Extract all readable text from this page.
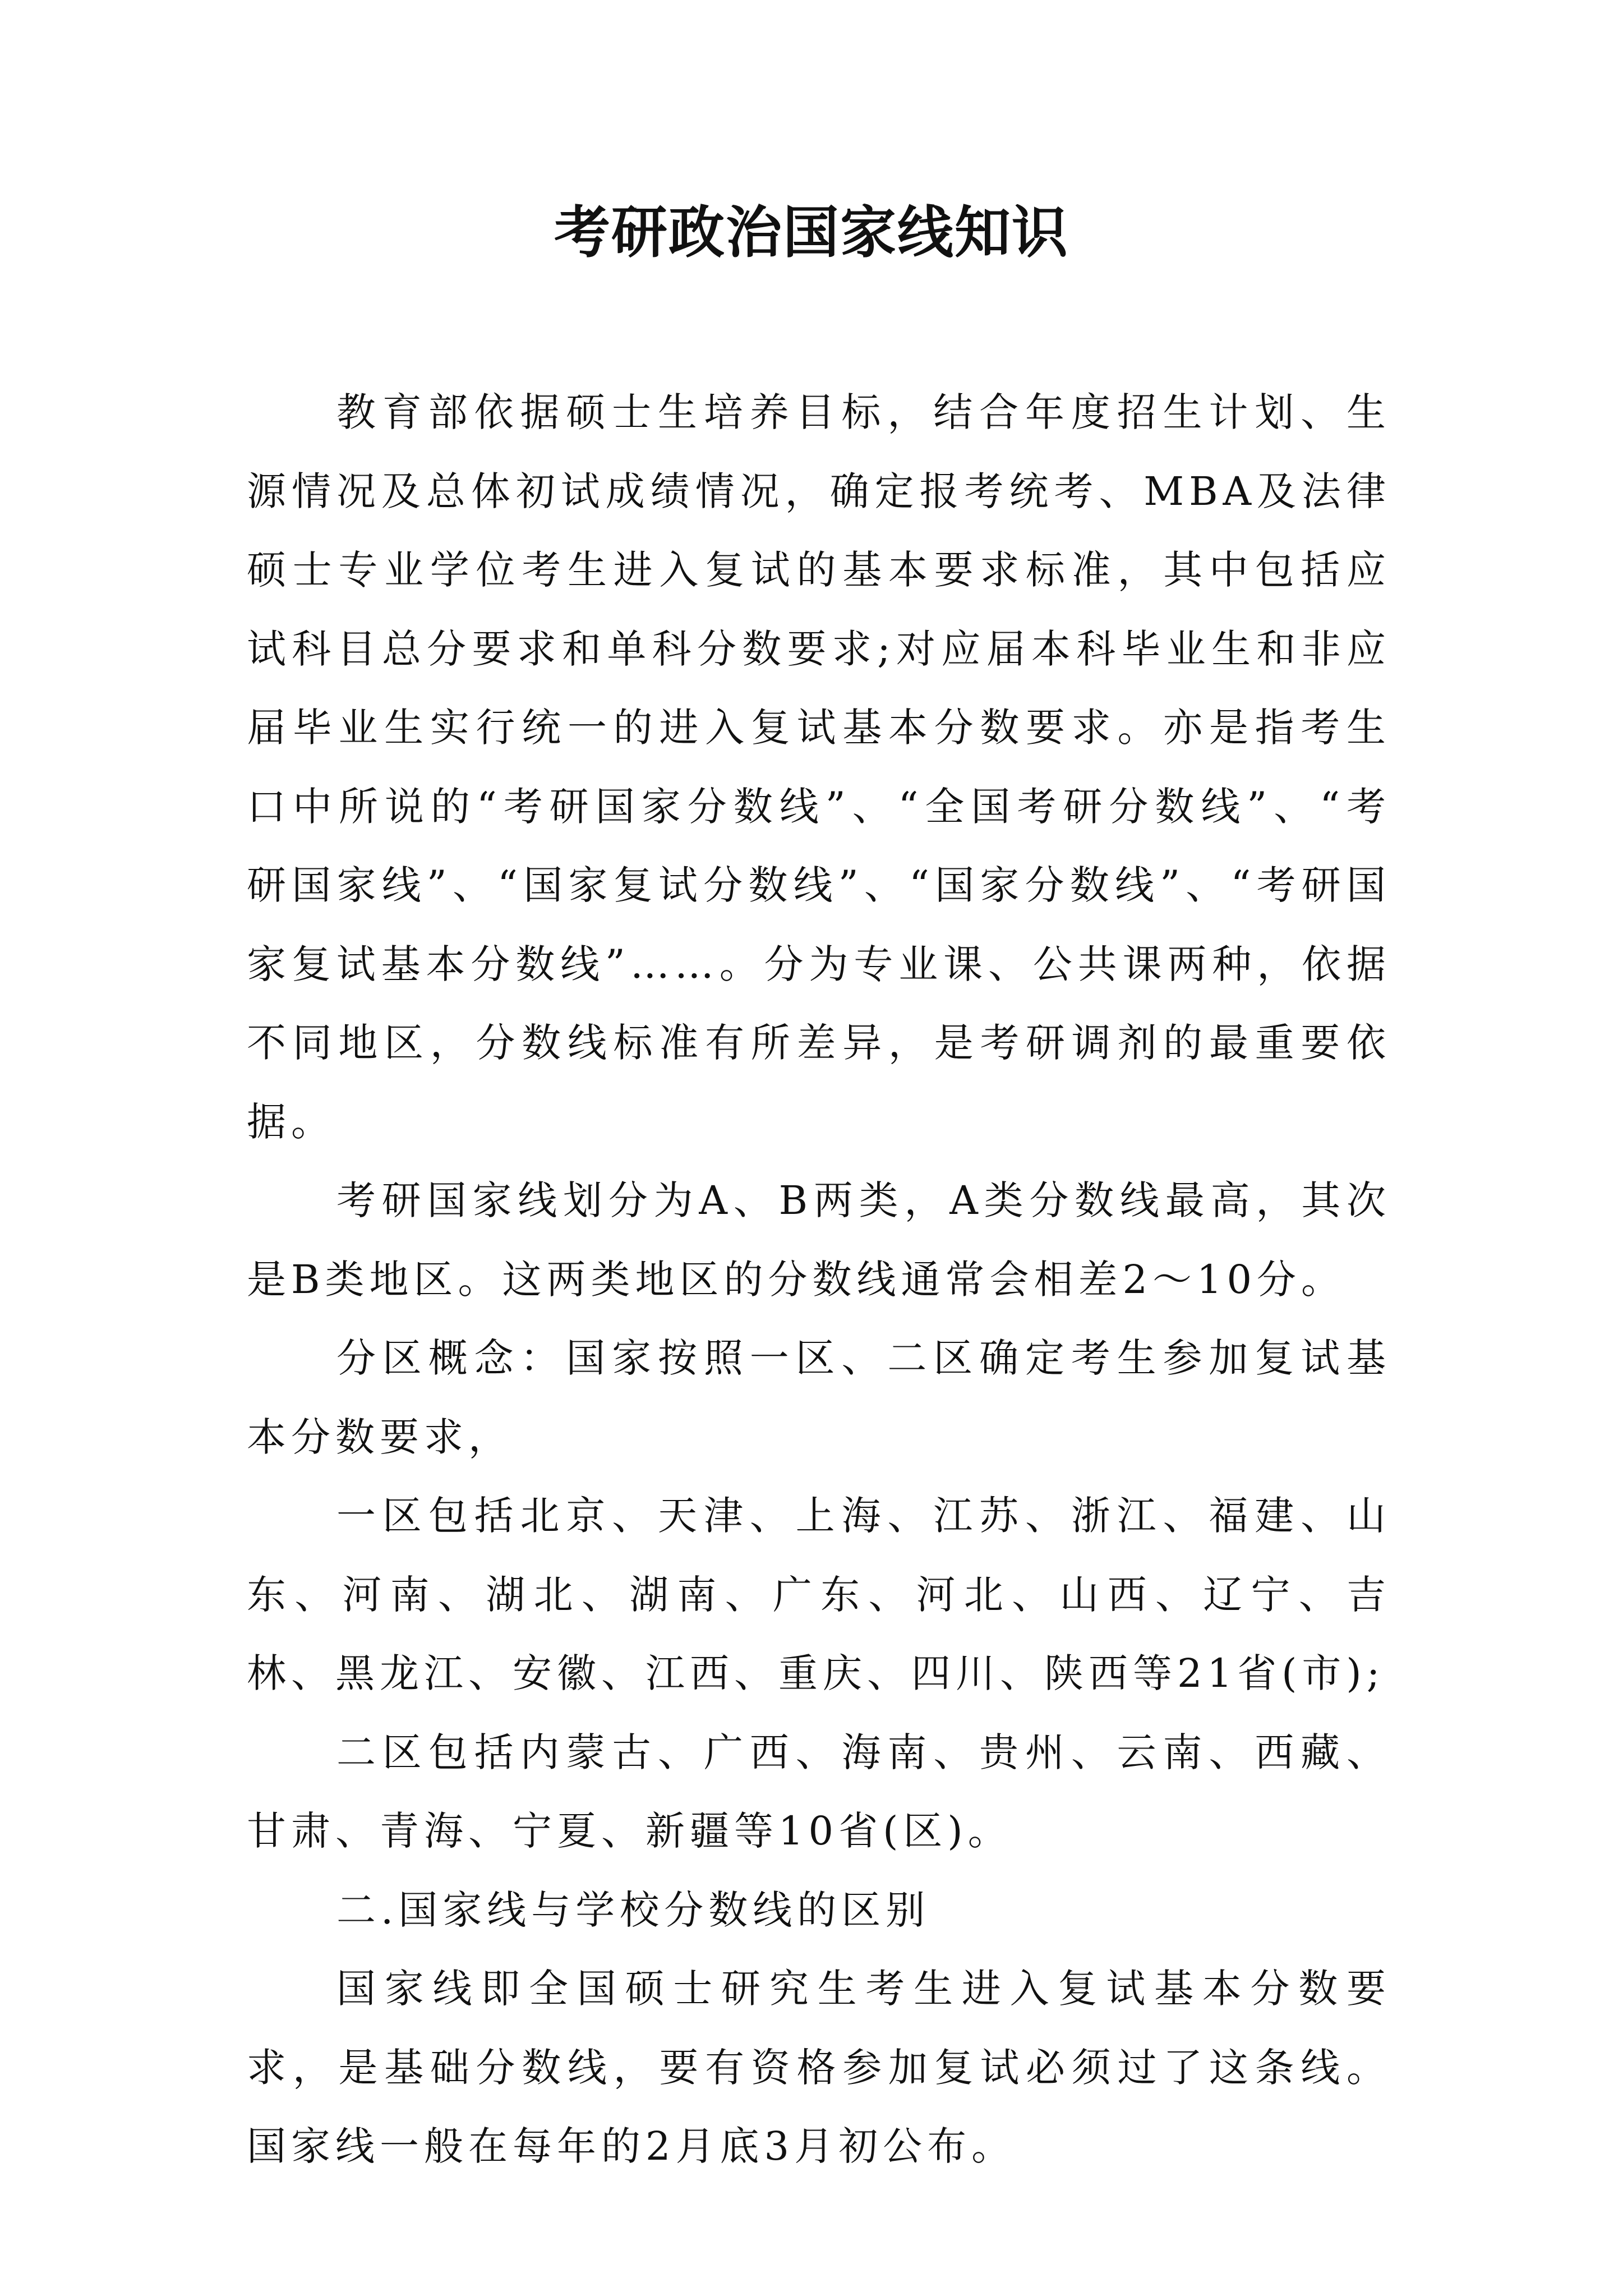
考研政治国家线知识

教育部依据硕士生培养目标，结合年度招生计划、生源情况及总体初试成绩情况，确定报考统考、MBA及法律硕士专业学位考生进入复试的基本要求标准，其中包括应试科目总分要求和单科分数要求;对应届本科毕业生和非应届毕业生实行统一的进入复试基本分数要求。亦是指考生口中所说的“考研国家分数线”、“全国考研分数线”、“考研国家线”、“国家复试分数线”、“国家分数线”、“考研国家复试基本分数线”……。分为专业课、公共课两种，依据不同地区，分数线标准有所差异，是考研调剂的最重要依据。

考研国家线划分为A、B两类，A类分数线最高，其次是B类地区。这两类地区的分数线通常会相差2～10分。

分区概念：国家按照一区、二区确定考生参加复试基本分数要求，

一区包括北京、天津、上海、江苏、浙江、福建、山东、河南、湖北、湖南、广东、河北、山西、辽宁、吉林、黑龙江、安徽、江西、重庆、四川、陕西等21省(市);

二区包括内蒙古、广西、海南、贵州、云南、西藏、甘肃、青海、宁夏、新疆等10省(区)。

二.国家线与学校分数线的区别

国家线即全国硕士研究生考生进入复试基本分数要求，是基础分数线，要有资格参加复试必须过了这条线。国家线一般在每年的2月底3月初公布。
